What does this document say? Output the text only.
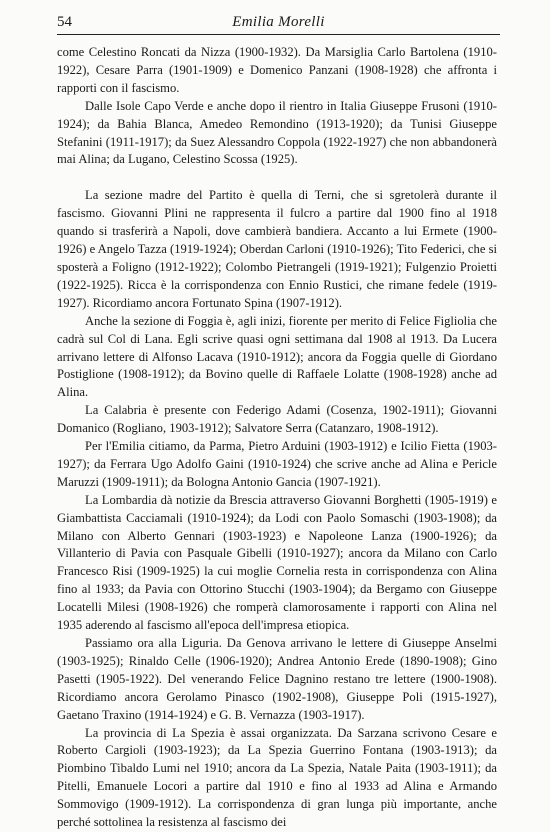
54	Emilia Morelli

come Celestino Roncati da Nizza (1900-1932). Da Marsiglia Carlo Bartolena (1910-1922), Cesare Parra (1901-1909) e Domenico Panzani (1908-1928) che affronta i rapporti con il fascismo.

Dalle Isole Capo Verde e anche dopo il rientro in Italia Giuseppe Frusoni (1910-1924); da Bahia Blanca, Amedeo Remondino (1913-1920); da Tunisi Giuseppe Stefanini (1911-1917); da Suez Alessandro Coppola (1922-1927) che non abbandonerà mai Alina; da Lugano, Celestino Scossa (1925).

La sezione madre del Partito è quella di Terni, che si sgretolerà durante il fascismo. Giovanni Plini ne rappresenta il fulcro a partire dal 1900 fino al 1918 quando si trasferirà a Napoli, dove cambierà bandiera. Accanto a lui Ermete (1900-1926) e Angelo Tazza (1919-1924); Oberdan Carloni (1910-1926); Tito Federici, che si sposterà a Foligno (1912-1922); Colombo Pietrangeli (1919-1921); Fulgenzio Proietti (1922-1925). Ricca è la corrispondenza con Ennio Rustici, che rimane fedele (1919-1927). Ricordiamo ancora Fortunato Spina (1907-1912).

Anche la sezione di Foggia è, agli inizi, fiorente per merito di Felice Figliolia che cadrà sul Col di Lana. Egli scrive quasi ogni settimana dal 1908 al 1913. Da Lucera arrivano lettere di Alfonso Lacava (1910-1912); ancora da Foggia quelle di Giordano Postiglione (1908-1912); da Bovino quelle di Raffaele Lolatte (1908-1928) anche ad Alina.

La Calabria è presente con Federigo Adami (Cosenza, 1902-1911); Giovanni Domanico (Rogliano, 1903-1912); Salvatore Serra (Catanzaro, 1908-1912).

Per l'Emilia citiamo, da Parma, Pietro Arduini (1903-1912) e Icilio Fietta (1903-1927); da Ferrara Ugo Adolfo Gaini (1910-1924) che scrive anche ad Alina e Pericle Maruzzi (1909-1911); da Bologna Antonio Gancia (1907-1921).

La Lombardia dà notizie da Brescia attraverso Giovanni Borghetti (1905-1919) e Giambattista Cacciamali (1910-1924); da Lodi con Paolo Somaschi (1903-1908); da Milano con Alberto Gennari (1903-1923) e Napoleone Lanza (1900-1926); da Villanterio di Pavia con Pasquale Gibelli (1910-1927); ancora da Milano con Carlo Francesco Risi (1909-1925) la cui moglie Cornelia resta in corrispondenza con Alina fino al 1933; da Pavia con Ottorino Stucchi (1903-1904); da Bergamo con Giuseppe Locatelli Milesi (1908-1926) che romperà clamorosamente i rapporti con Alina nel 1935 aderendo al fascismo all'epoca dell'impresa etiopica.

Passiamo ora alla Liguria. Da Genova arrivano le lettere di Giuseppe Anselmi (1903-1925); Rinaldo Celle (1906-1920); Andrea Antonio Erede (1890-1908); Gino Pasetti (1905-1922). Del venerando Felice Dagnino restano tre lettere (1900-1908). Ricordiamo ancora Gerolamo Pinasco (1902-1908), Giuseppe Poli (1915-1927), Gaetano Traxino (1914-1924) e G. B. Vernazza (1903-1917).

La provincia di La Spezia è assai organizzata. Da Sarzana scrivono Cesare e Roberto Cargioli (1903-1923); da La Spezia Guerrino Fontana (1903-1913); da Piombino Tibaldo Lumi nel 1910; ancora da La Spezia, Natale Paita (1903-1911); da Pitelli, Emanuele Locori a partire dal 1910 e fino al 1933 ad Alina e Armando Sommovigo (1909-1912). La corrispondenza di gran lunga più importante, anche perché sottolinea la resistenza al fascismo dei
